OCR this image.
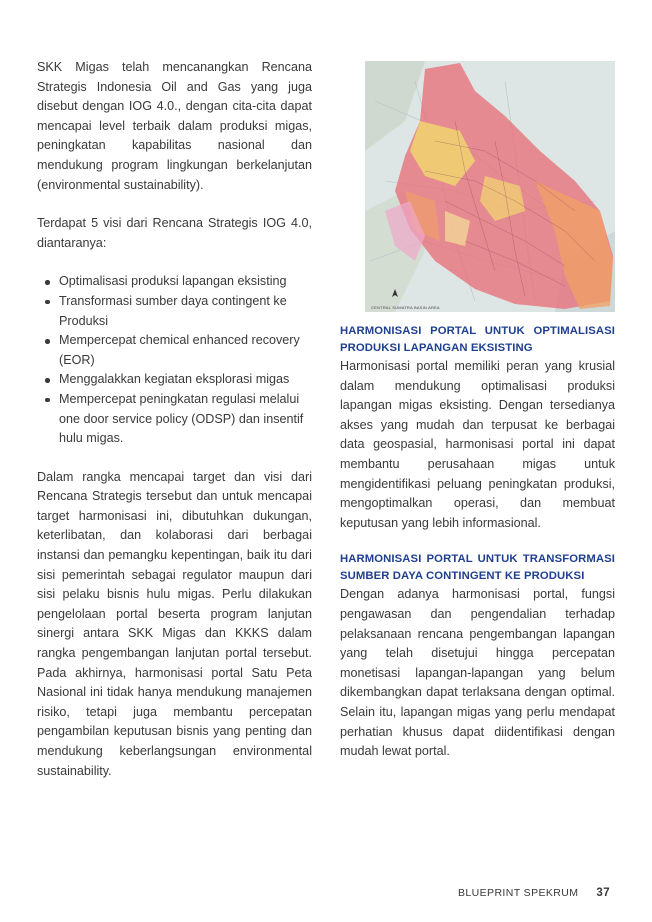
SKK Migas telah mencanangkan Rencana Strategis Indonesia Oil and Gas yang juga disebut dengan IOG 4.0., dengan cita-cita dapat mencapai level terbaik dalam produksi migas, peningkatan kapabilitas nasional dan mendukung program lingkungan berkelanjutan (environmental sustainability).

Terdapat 5 visi dari Rencana Strategis IOG 4.0, diantaranya:

Optimalisasi produksi lapangan eksisting
Transformasi sumber daya contingent ke Produksi
Mempercepat chemical enhanced recovery (EOR)
Menggalakkan kegiatan eksplorasi migas
Mempercepat peningkatan regulasi melalui one door service policy (ODSP) dan insentif hulu migas.

Dalam rangka mencapai target dan visi dari Rencana Strategis tersebut dan untuk mencapai target harmonisasi ini, dibutuhkan dukungan, keterlibatan, dan kolaborasi dari berbagai instansi dan pemangku kepentingan, baik itu dari sisi pemerintah sebagai regulator maupun dari sisi pelaku bisnis hulu migas. Perlu dilakukan pengelolaan portal beserta program lanjutan sinergi antara SKK Migas dan KKKS dalam rangka pengembangan lanjutan portal tersebut. Pada akhirnya, harmonisasi portal Satu Peta Nasional ini tidak hanya mendukung manajemen risiko, tetapi juga membantu percepatan pengambilan keputusan bisnis yang penting dan mendukung keberlangsungan environmental sustainability.

CENTRAL SUMATRA BASIN AREA
HARMONISASI PORTAL UNTUK OPTIMALISASI PRODUKSI LAPANGAN EKSISTING

Harmonisasi portal memiliki peran yang krusial dalam mendukung optimalisasi produksi lapangan migas eksisting. Dengan tersedianya akses yang mudah dan terpusat ke berbagai data geospasial, harmonisasi portal ini dapat membantu perusahaan migas untuk mengidentifikasi peluang peningkatan produksi, mengoptimalkan operasi, dan membuat keputusan yang lebih informasional.

HARMONISASI PORTAL UNTUK TRANSFORMASI SUMBER DAYA CONTINGENT KE PRODUKSI

Dengan adanya harmonisasi portal, fungsi pengawasan dan pengendalian terhadap pelaksanaan rencana pengembangan lapangan yang telah disetujui hingga percepatan monetisasi lapangan-lapangan yang belum dikembangkan dapat terlaksana dengan optimal. Selain itu, lapangan migas yang perlu mendapat perhatian khusus dapat diidentifikasi dengan mudah lewat portal.

BLUEPRINT SPEKRUM 37
